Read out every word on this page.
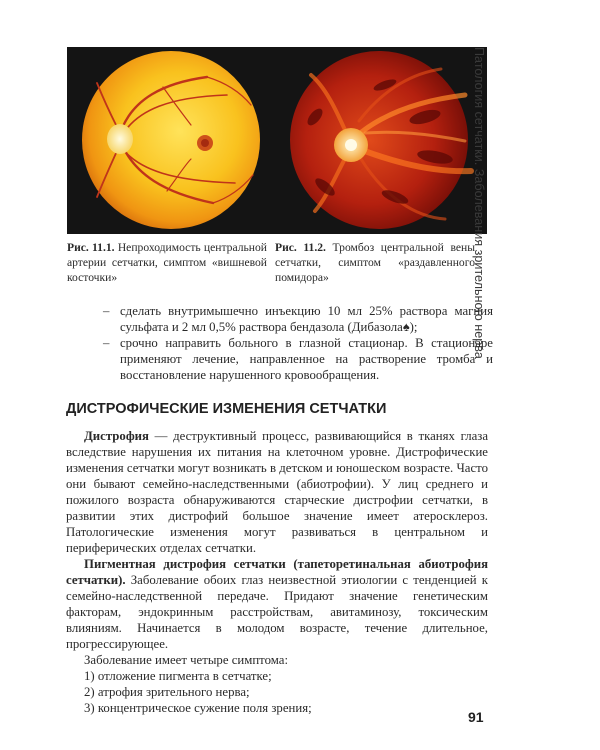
Рис. 11.1. Непроходимость центральной артерии сетчатки, симптом «вишневой косточки»
Рис. 11.2. Тромбоз центральной вены сетчатки, симптом «раздавленного помидора»	Патология сетчатки. Заболевания зрительного нерва
– сделать внутримышечно инъекцию 10 мл 25% раствора магния сульфата и 2 мл 0,5% раствора бендазола (Дибазола♠);
– срочно направить больного в глазной стационар. В стационаре применяют лечение, направленное на растворение тромба и восстановление нарушенного кровообращения.
ДИСТРОФИЧЕСКИЕ ИЗМЕНЕНИЯ СЕТЧАТКИ

Дистрофия — деструктивный процесс, развивающийся в тканях глаза вследствие нарушения их питания на клеточном уровне. Дистрофические изменения сетчатки могут возникать в детском и юношеском возрасте. Часто они бывают семейно-наследственными (абиотрофии). У лиц среднего и пожилого возраста обнаруживаются старческие дистрофии сетчатки, в развитии этих дистрофий большое значение имеет атеросклероз. Патологические изменения могут развиваться в центральном и периферических отделах сетчатки.

Пигментная дистрофия сетчатки (тапеторетинальная абиотрофия сетчатки). Заболевание обоих глаз неизвестной этиологии с тенденцией к семейно-наследственной передаче. Придают значение генетическим факторам, эндокринным расстройствам, авитаминозу, токсическим влияниям. Начинается в молодом возрасте, течение длительное, прогрессирующее.

Заболевание имеет четыре симптома:

1) отложение пигмента в сетчатке;

2) атрофия зрительного нерва;

3) концентрическое сужение поля зрения;

91
